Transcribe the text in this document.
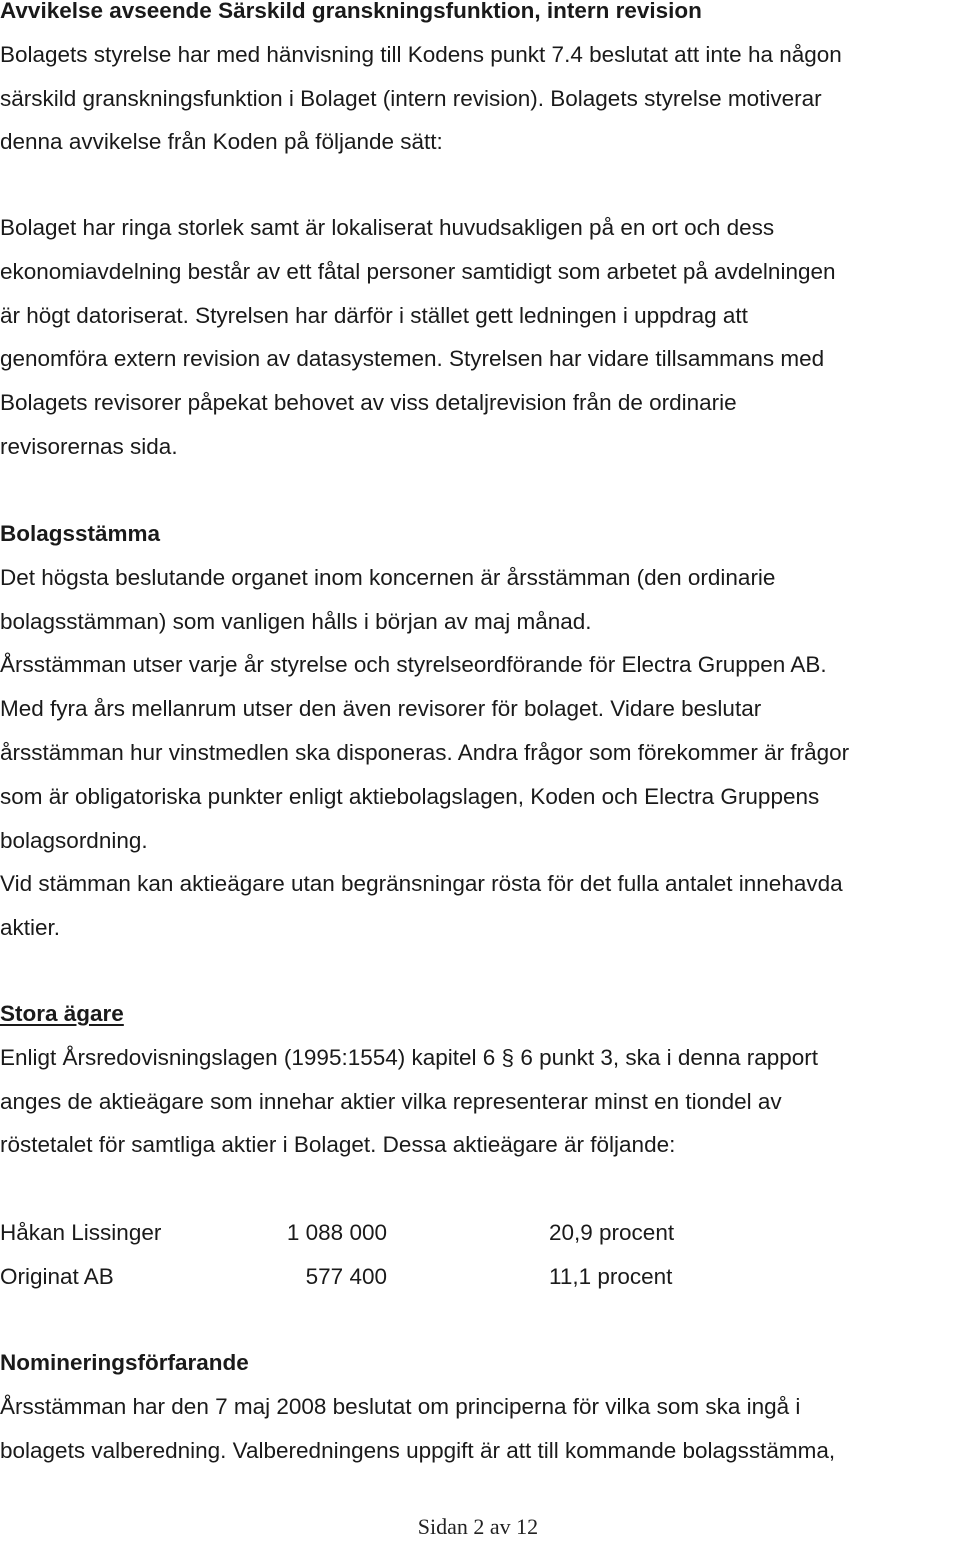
Avvikelse avseende Särskild granskningsfunktion, intern revision
Bolagets styrelse har med hänvisning till Kodens punkt 7.4 beslutat att inte ha någon
särskild granskningsfunktion i Bolaget (intern revision). Bolagets styrelse motiverar
denna avvikelse från Koden på följande sätt:
Bolaget har ringa storlek samt är lokaliserat huvudsakligen på en ort och dess
ekonomiavdelning består av ett fåtal personer samtidigt som arbetet på avdelningen
är högt datoriserat. Styrelsen har därför i stället gett ledningen i uppdrag att
genomföra extern revision av datasystemen. Styrelsen har vidare tillsammans med
Bolagets revisorer påpekat behovet av viss detaljrevision från de ordinarie
revisorernas sida.
Bolagsstämma
Det högsta beslutande organet inom koncernen är årsstämman (den ordinarie
bolagsstämman) som vanligen hålls i början av maj månad.
Årsstämman utser varje år styrelse och styrelseordförande för Electra Gruppen AB.
Med fyra års mellanrum utser den även revisorer för bolaget. Vidare beslutar
årsstämman hur vinstmedlen ska disponeras. Andra frågor som förekommer är frågor
som är obligatoriska punkter enligt aktiebolagslagen, Koden och Electra Gruppens
bolagsordning.
Vid stämman kan aktieägare utan begränsningar rösta för det fulla antalet innehavda
aktier.
Stora ägare
Enligt Årsredovisningslagen (1995:1554) kapitel 6 § 6 punkt 3, ska i denna rapport
anges de aktieägare som innehar aktier vilka representerar minst en tiondel av
röstetalet för samtliga aktier i Bolaget. Dessa aktieägare är följande:
Håkan Lissinger	1 088 000	20,9 procent
Originat AB	577 400	11,1 procent
Nomineringsförfarande
Årsstämman har den 7 maj 2008 beslutat om principerna för vilka som ska ingå i
bolagets valberedning. Valberedningens uppgift är att till kommande bolagsstämma,
Sidan 2 av 12
